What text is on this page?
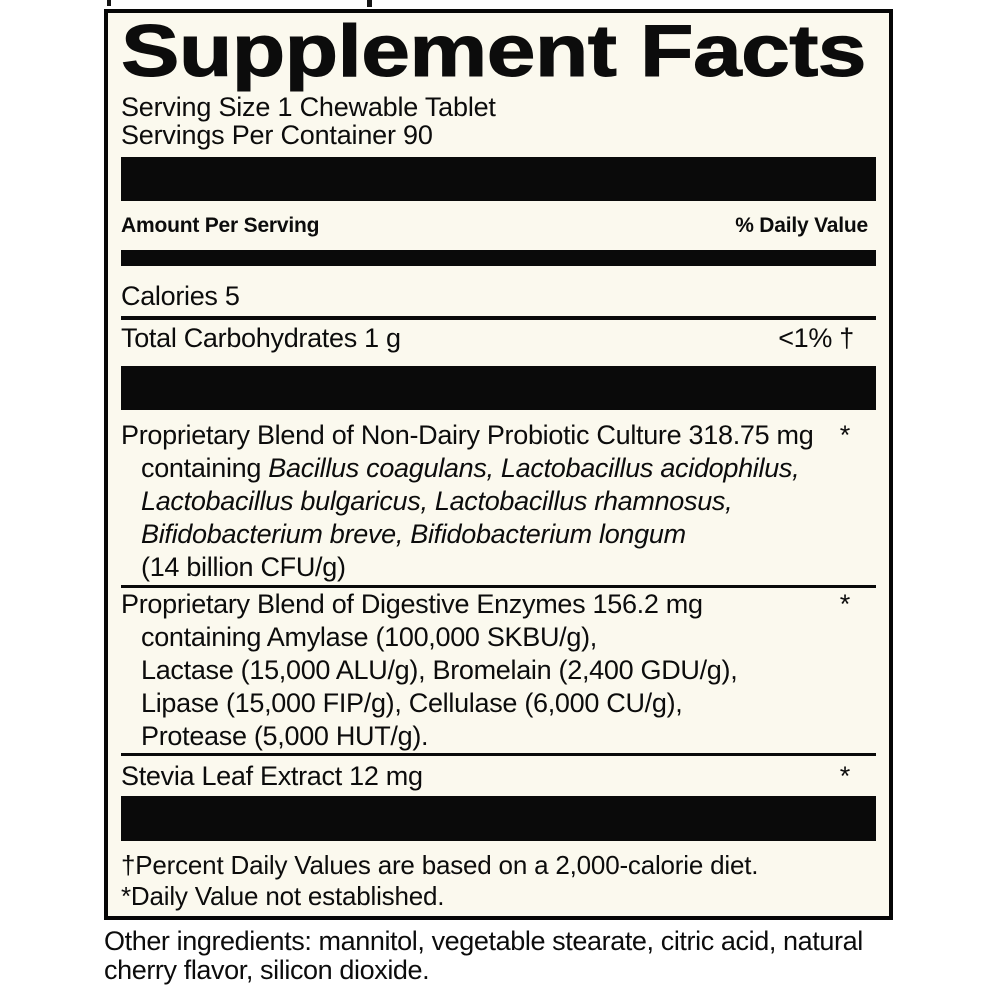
Supplement Facts
Serving Size 1 Chewable Tablet
Servings Per Container 90
Amount Per Serving	% Daily Value
Calories 5
Total Carbohydrates 1 g	<1% †
Proprietary Blend of Non-Dairy Probiotic Culture 318.75 mg *
containing Bacillus coagulans, Lactobacillus acidophilus,
Lactobacillus bulgaricus, Lactobacillus rhamnosus,
Bifidobacterium breve, Bifidobacterium longum
(14 billion CFU/g)
Proprietary Blend of Digestive Enzymes 156.2 mg	*
containing Amylase (100,000 SKBU/g),
Lactase (15,000 ALU/g), Bromelain (2,400 GDU/g),
Lipase (15,000 FIP/g), Cellulase (6,000 CU/g),
Protease (5,000 HUT/g).
Stevia Leaf Extract 12 mg	*
†Percent Daily Values are based on a 2,000-calorie diet.
*Daily Value not established.
Other ingredients: mannitol, vegetable stearate, citric acid, natural cherry flavor, silicon dioxide.
